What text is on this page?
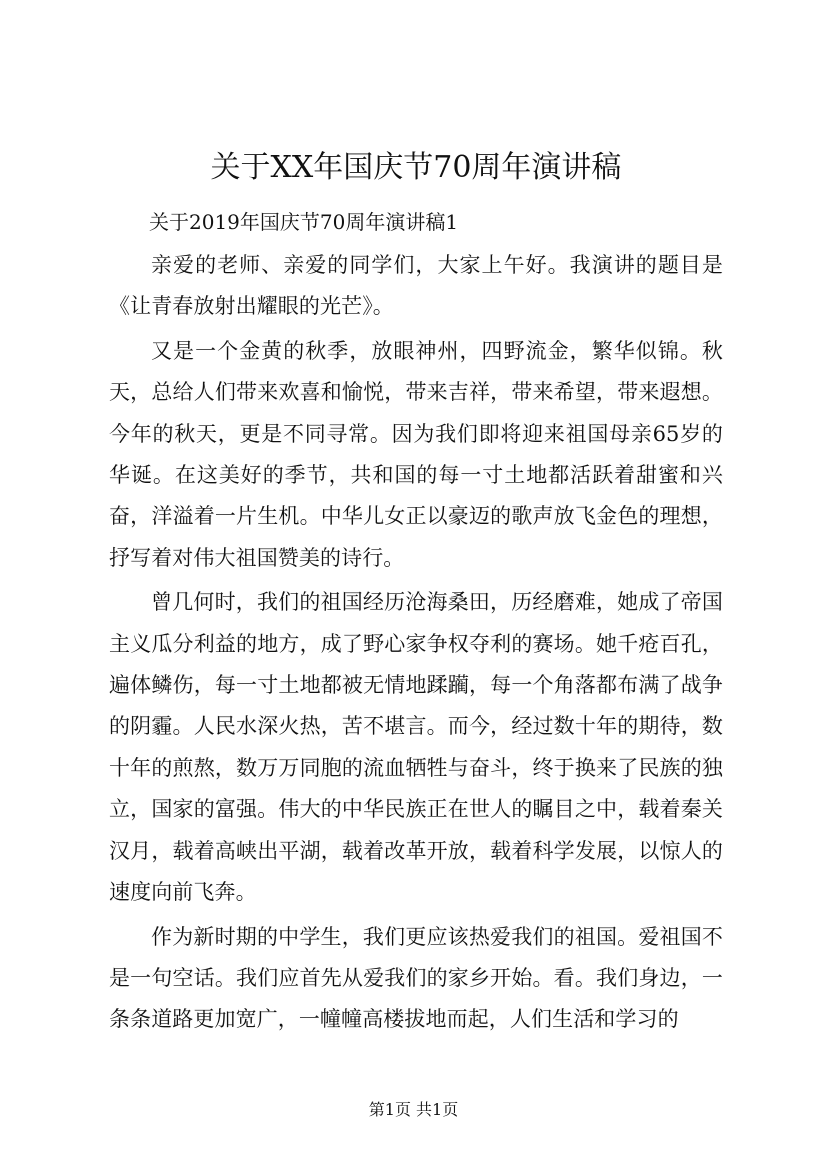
关于XX年国庆节70周年演讲稿

关于2019年国庆节70周年演讲稿1

亲爱的老师、亲爱的同学们，大家上午好。我演讲的题目是《让青春放射出耀眼的光芒》。

又是一个金黄的秋季，放眼神州，四野流金，繁华似锦。秋天，总给人们带来欢喜和愉悦，带来吉祥，带来希望，带来遐想。今年的秋天，更是不同寻常。因为我们即将迎来祖国母亲65岁的华诞。在这美好的季节，共和国的每一寸土地都活跃着甜蜜和兴奋，洋溢着一片生机。中华儿女正以豪迈的歌声放飞金色的理想，抒写着对伟大祖国赞美的诗行。

曾几何时，我们的祖国经历沧海桑田，历经磨难，她成了帝国主义瓜分利益的地方，成了野心家争权夺利的赛场。她千疮百孔，遍体鳞伤，每一寸土地都被无情地蹂躏，每一个角落都布满了战争的阴霾。人民水深火热，苦不堪言。而今，经过数十年的期待，数十年的煎熬，数万万同胞的流血牺牲与奋斗，终于换来了民族的独立，国家的富强。伟大的中华民族正在世人的瞩目之中，载着秦关汉月，载着高峡出平湖，载着改革开放，载着科学发展，以惊人的速度向前飞奔。

作为新时期的中学生，我们更应该热爱我们的祖国。爱祖国不是一句空话。我们应首先从爱我们的家乡开始。看。我们身边，一条条道路更加宽广，一幢幢高楼拔地而起，人们生活和学习的

第1页 共1页
